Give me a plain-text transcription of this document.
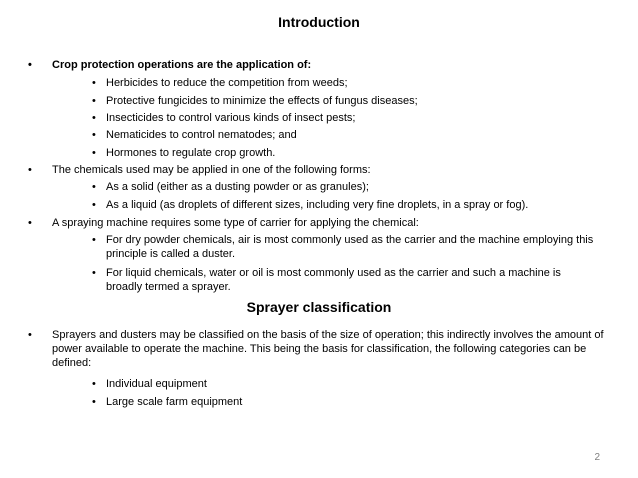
Introduction
• Crop protection operations are the application of:
• Herbicides to reduce the competition from weeds;
• Protective fungicides to minimize the effects of fungus diseases;
• Insecticides to control various kinds of insect pests;
• Nematicides to control nematodes; and
• Hormones to regulate crop growth.
• The chemicals used may be applied in one of the following forms:
• As a solid (either as a dusting powder or as granules);
• As a liquid (as droplets of different sizes, including very fine droplets, in a spray or fog).
• A spraying machine requires some type of carrier for applying the chemical:
• For dry powder chemicals, air is most commonly used as the carrier and the machine employing this principle is called a duster.
• For liquid chemicals, water or oil is most commonly used as the carrier and such a machine is broadly termed a sprayer.
Sprayer classification
• Sprayers and dusters may be classified on the basis of the size of operation; this indirectly involves the amount of power available to operate the machine. This being the basis for classification, the following categories can be defined:
• Individual equipment
• Large scale farm equipment
2
